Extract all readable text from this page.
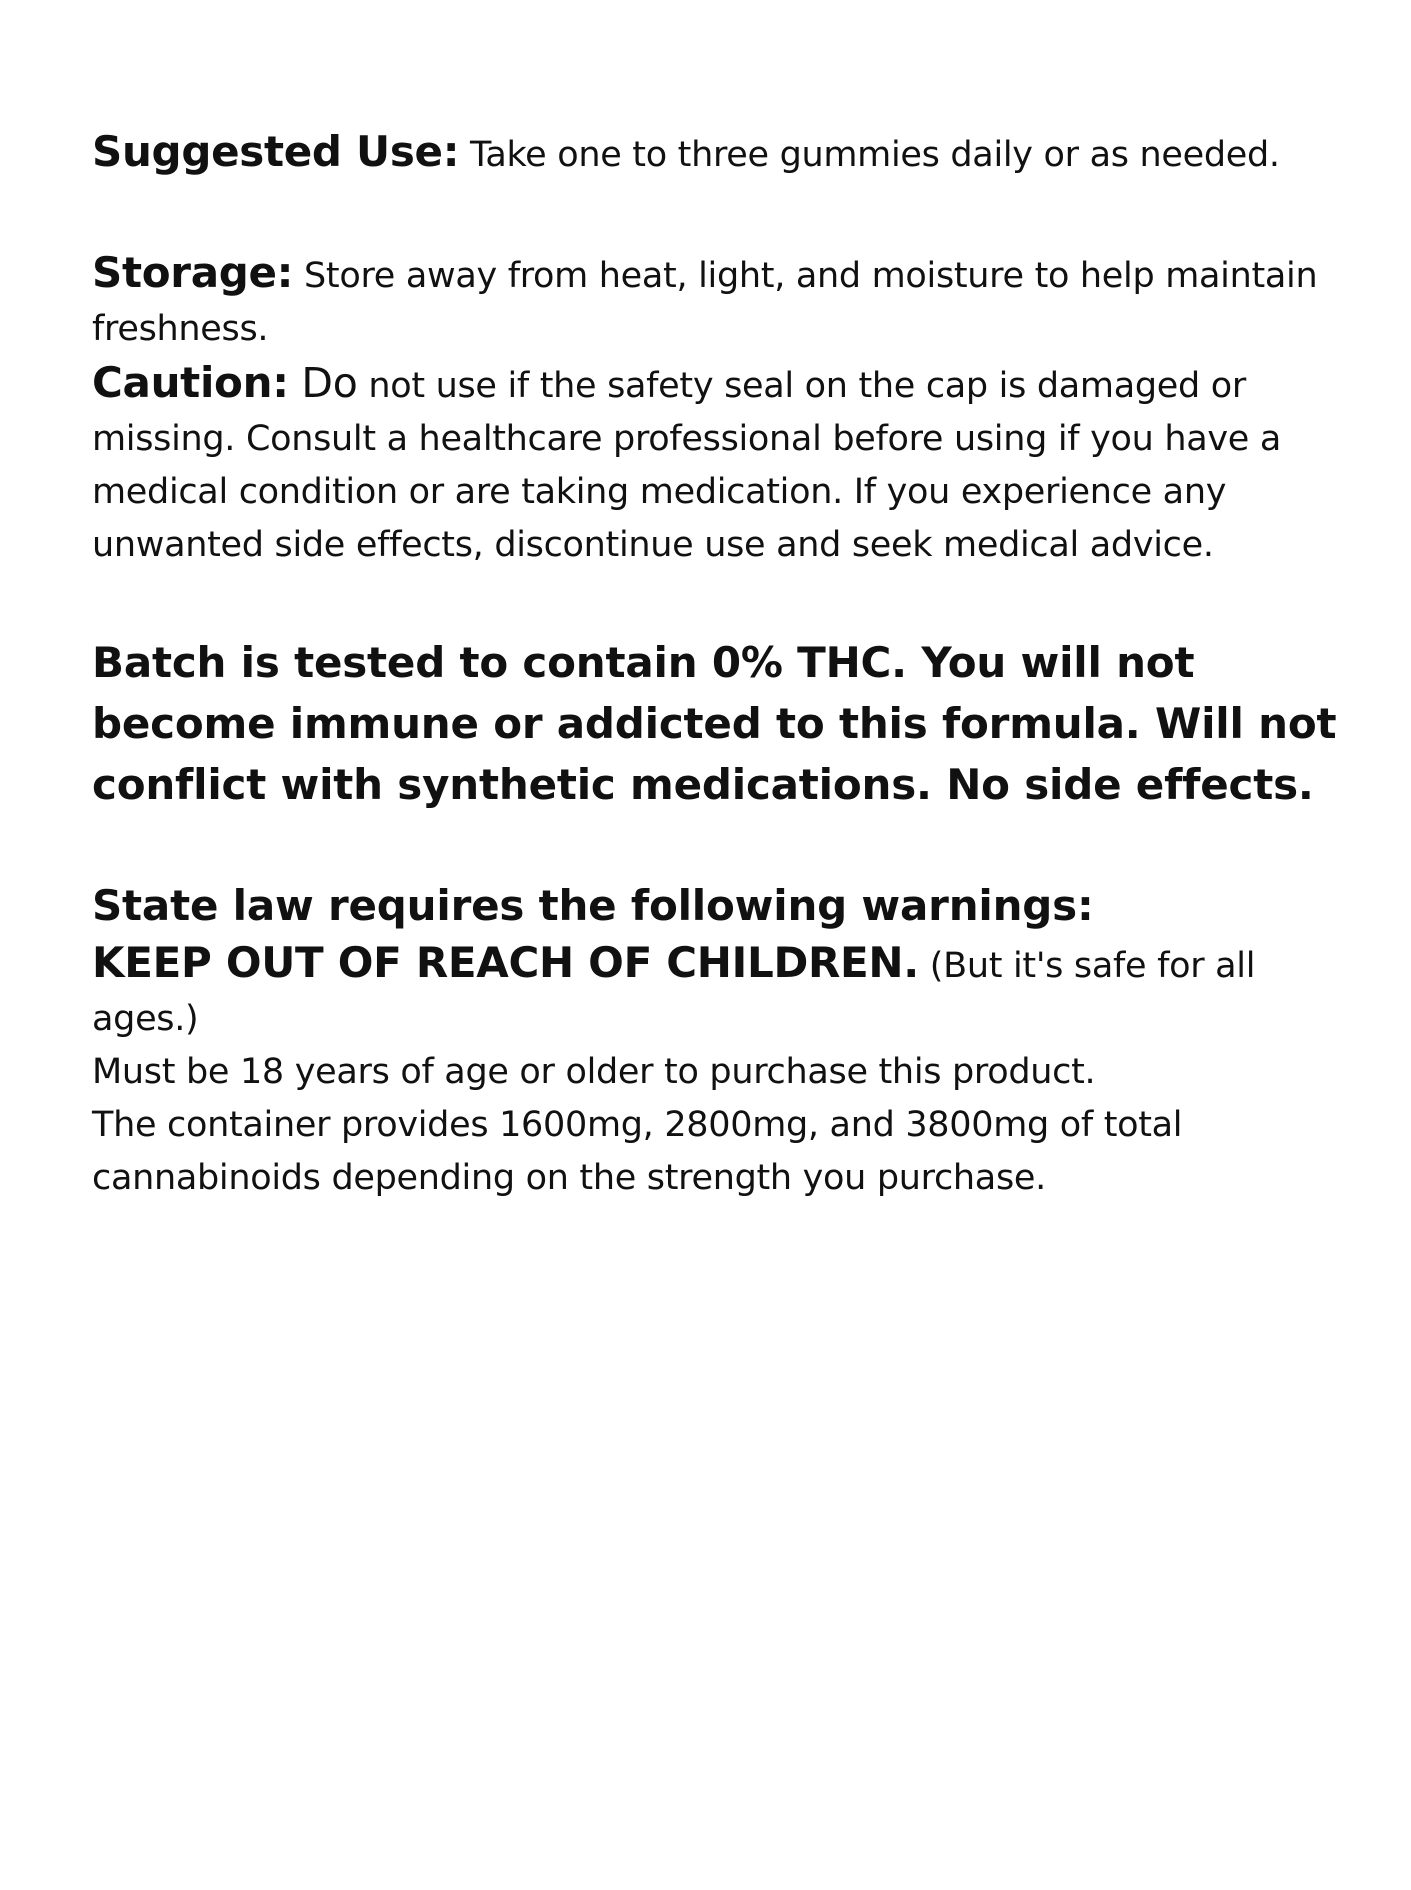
Suggested Use: Take one to three gummies daily or as needed.

Storage: Store away from heat, light, and moisture to help maintain freshness.

Caution: Do not use if the safety seal on the cap is damaged or missing. Consult a healthcare professional before using if you have a medical condition or are taking medication. If you experience any unwanted side effects, discontinue use and seek medical advice.

Batch is tested to contain 0% THC. You will not become immune or addicted to this formula. Will not conflict with synthetic medications. No side effects.

State law requires the following warnings:

KEEP OUT OF REACH OF CHILDREN. (But it's safe for all ages.)

Must be 18 years of age or older to purchase this product.

The container provides 1600mg, 2800mg, and 3800mg of total cannabinoids depending on the strength you purchase.
